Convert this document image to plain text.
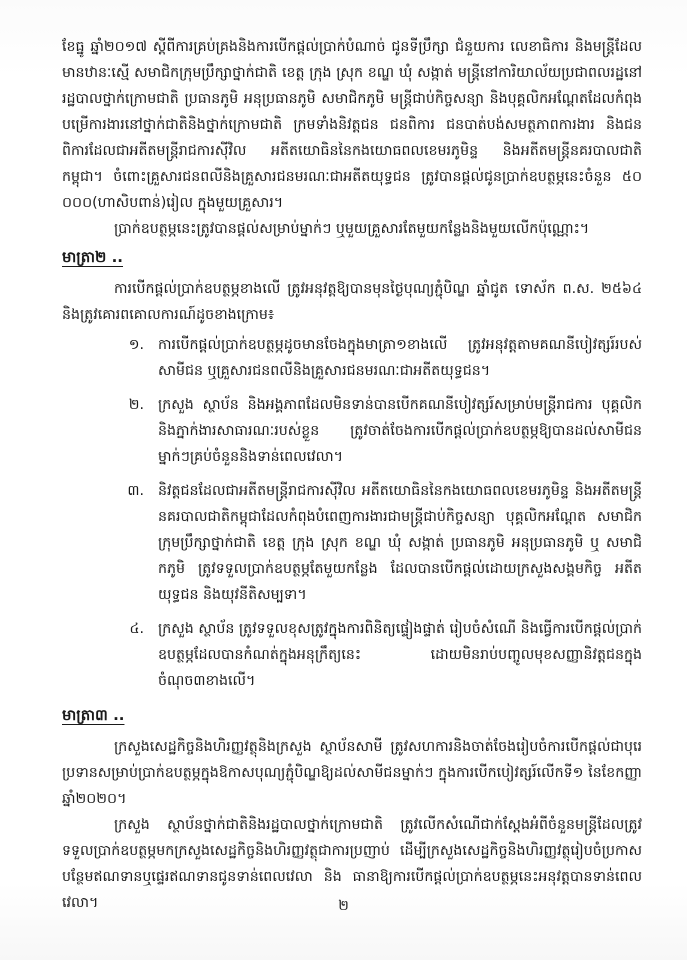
ខែធ្នូ ឆ្នាំ២០១៧ ស្ដីពីការគ្រប់គ្រងនិងការបើកផ្ដល់ប្រាក់បំណាច់ ជូនទីប្រឹក្សា ជំនួយការ លេខាធិការ និងមន្ត្រីដែលមានឋានៈស្មើ សមាជិកក្រុមប្រឹក្សាថ្នាក់ជាតិ ខេត្ត ក្រុង ស្រុក ខណ្ឌ ឃុំ សង្កាត់ មន្ត្រីនៅការិយាល័យប្រជាពលរដ្ឋនៅរដ្ឋបាលថ្នាក់ក្រោមជាតិ ប្រធានភូមិ អនុប្រធានភូមិ សមាជិកភូមិ មន្ត្រីជាប់កិច្ចសន្យា និងបុគ្គលិកអណ្ដែតដែលកំពុងបម្រើការងារនៅថ្នាក់ជាតិនិងថ្នាក់ក្រោមជាតិ ក្រមទាំងនិវត្តជន ជនពិការ ជនបាត់បង់សមត្ថភាពការងារ និងជនពិការដែលជាអតីតមន្ត្រីរាជការស៊ីវិល អតីតយោធិននៃកងយោធពលខេមរភូមិន្ទ និងអតីតមន្ត្រីនគរបាលជាតិកម្ពុជា។ ចំពោះគ្រួសារជនពលីនិងគ្រួសារជនមរណៈជាអតីតយុទ្ធជន ត្រូវបានផ្ដល់ជូនប្រាក់ឧបត្ថម្ភនេះចំនួន ៥០ ០០០(ហាសិបពាន់)រៀល ក្នុងមួយគ្រួសារ។

ប្រាក់ឧបត្ថម្ភនេះត្រូវបានផ្ដល់សម្រាប់ម្នាក់ៗ ឬមួយគ្រួសារតែមួយកន្លែងនិងមួយលើកប៉ុណ្ណោះ។

មាត្រា២ ..

ការបើកផ្ដល់ប្រាក់ឧបត្ថម្ភខាងលើ ត្រូវអនុវត្តឱ្យបានមុនថ្ងៃបុណ្យភ្ជុំបិណ្ឌ ឆ្នាំជូត ទោស័ក ព.ស. ២៥៦៤ និងត្រូវគោរពគោលការណ៍ដូចខាងក្រោម៖

១. ការបើកផ្ដល់ប្រាក់ឧបត្ថម្ភដូចមានចែងក្នុងមាត្រា១ខាងលើ ត្រូវអនុវត្តតាមគណនីបៀវត្សរ៍របស់សាមីជន ឬគ្រួសារជនពលីនិងគ្រួសារជនមរណៈជាអតីតយុទ្ធជន។
២. ក្រសួង ស្ថាប័ន និងអង្គភាពដែលមិនទាន់បានបើកគណនីបៀវត្សរ៍សម្រាប់មន្ត្រីរាជការ បុគ្គលិក និងភ្នាក់ងារសាធារណៈរបស់ខ្លួន ត្រូវចាត់ចែងការបើកផ្ដល់ប្រាក់ឧបត្ថម្ភឱ្យបានដល់សាមីជនម្នាក់ៗគ្រប់ចំនួននិងទាន់ពេលវេលា។
៣. និវត្តជនដែលជាអតីតមន្ត្រីរាជការស៊ីវិល អតីតយោធិននៃកងយោធពលខេមរភូមិន្ទ និងអតីតមន្ត្រីនគរបាលជាតិកម្ពុជាដែលកំពុងបំពេញការងារជាមន្ត្រីជាប់កិច្ចសន្យា បុគ្គលិកអណ្ដែត សមាជិកក្រុមប្រឹក្សាថ្នាក់ជាតិ ខេត្ត ក្រុង ស្រុក ខណ្ឌ ឃុំ សង្កាត់ ប្រធានភូមិ អនុប្រធានភូមិ ឬ សមាជិកភូមិ ត្រូវទទួលប្រាក់ឧបត្ថម្ភតែមួយកន្លែង ដែលបានបើកផ្ដល់ដោយក្រសួងសង្គមកិច្ច អតីតយុទ្ធជន និងយុវនីតិសម្បទា។
៤. ក្រសួង ស្ថាប័ន ត្រូវទទួលខុសត្រូវក្នុងការពិនិត្យផ្ទៀងផ្ទាត់ រៀបចំសំណើ និងធ្វើការបើកផ្ដល់ប្រាក់ឧបត្ថម្ភដែលបានកំណត់ក្នុងអនុក្រឹត្យនេះ ដោយមិនរាប់បញ្ចូលមុខសញ្ញានិវត្តជនក្នុងចំណុច៣ខាងលើ។
មាត្រា៣ ..

ក្រសួងសេដ្ឋកិច្ចនិងហិរញ្ញវត្ថុនិងក្រសួង ស្ថាប័នសាមី ត្រូវសហការនិងចាត់ចែងរៀបចំការបើកផ្ដល់ជាបុរេប្រទានសម្រាប់ប្រាក់ឧបត្ថម្ភក្នុងឱកាសបុណ្យភ្ជុំបិណ្ឌឱ្យដល់សាមីជនម្នាក់ៗ ក្នុងការបើកបៀវត្សរ៍លើកទី១ នៃខែកញ្ញា ឆ្នាំ២០២០។

ក្រសួង ស្ថាប័នថ្នាក់ជាតិនិងរដ្ឋបាលថ្នាក់ក្រោមជាតិ ត្រូវលើកសំណើជាក់ស្ដែងអំពីចំនួនមន្ត្រីដែលត្រូវទទួលប្រាក់ឧបត្ថម្ភមកក្រសួងសេដ្ឋកិច្ចនិងហិរញ្ញវត្ថុជាការប្រញាប់ ដើម្បីក្រសួងសេដ្ឋកិច្ចនិងហិរញ្ញវត្ថុរៀបចំប្រកាសបន្ថែមឥណទានឬផ្ទេរឥណទានជូនទាន់ពេលវេលា និង ធានាឱ្យការបើកផ្ដល់ប្រាក់ឧបត្ថម្ភនេះអនុវត្តបានទាន់ពេលវេលា។	២
